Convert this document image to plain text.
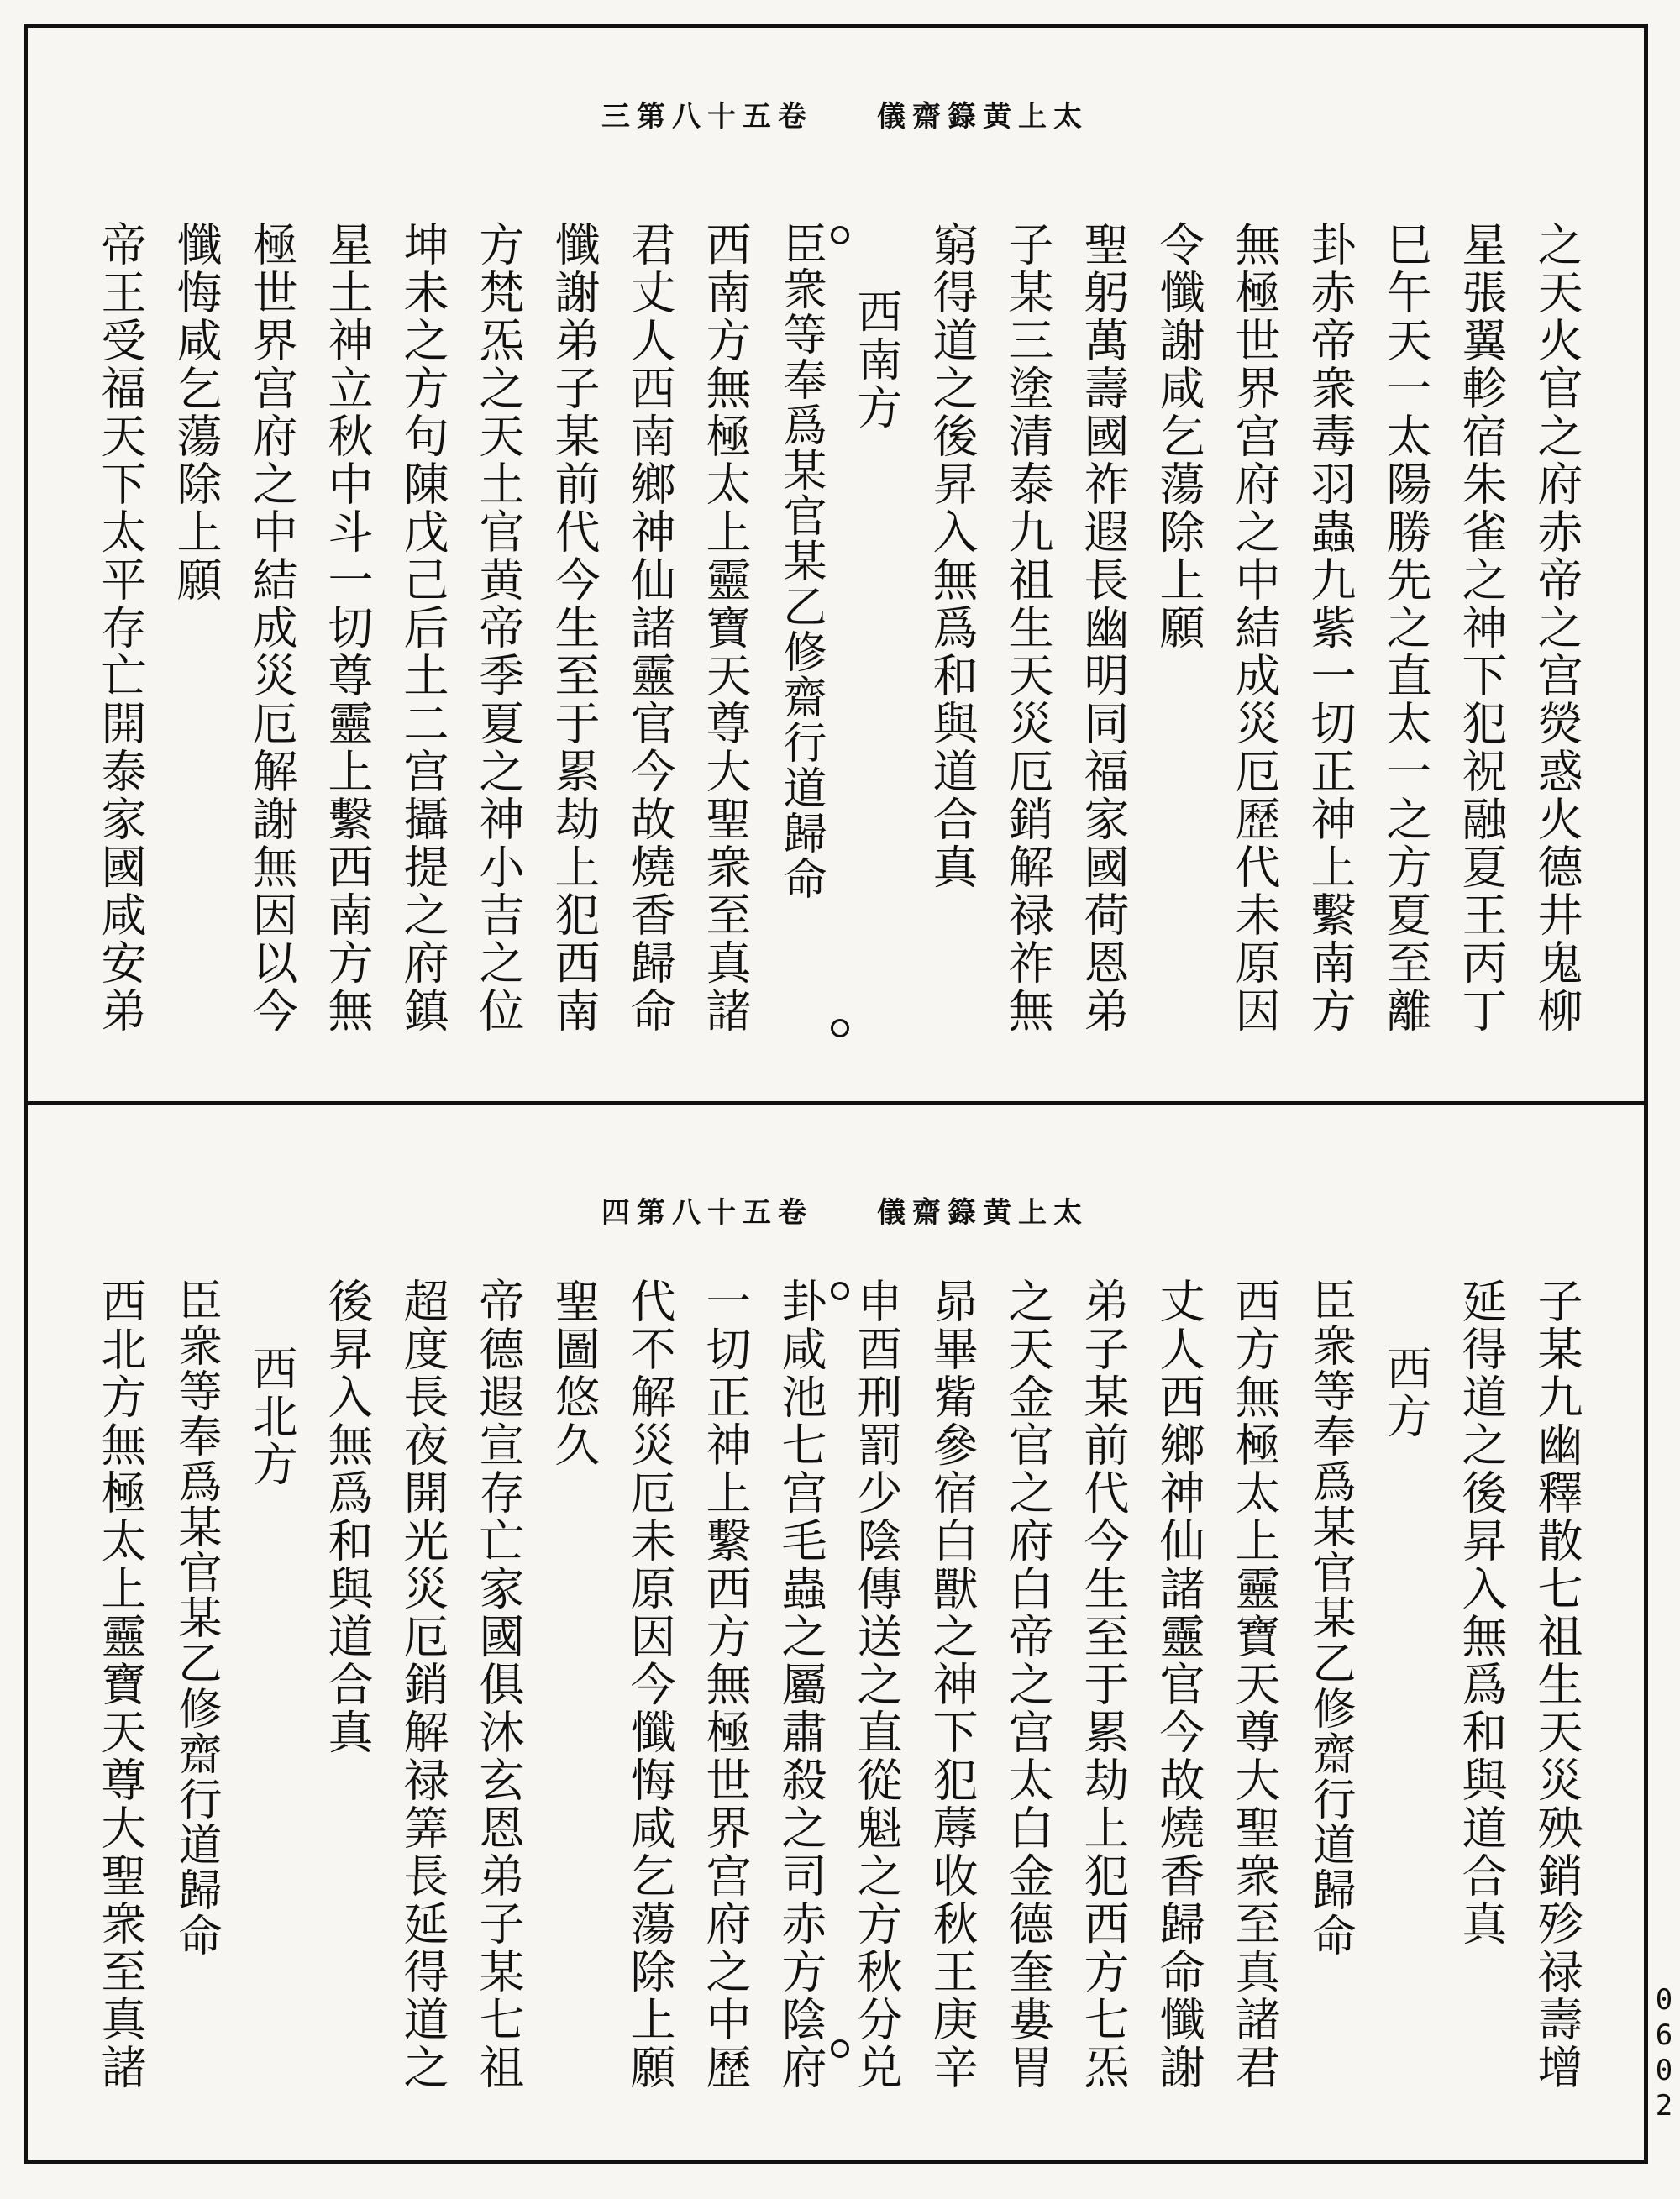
太上黄籙齋儀卷五十八第三
之天火官之府赤帝之宫熒惑火德井鬼柳
星張翼軫宿朱雀之神下犯祝融夏王丙丁
巳午天一太陽勝先之直太一之方夏至離
卦赤帝衆毒羽蟲九紫一切正神上繫南方
無極世界宫府之中結成災厄歷代未原因
令懺謝咸乞蕩除上願
聖躬萬壽國祚遐長幽明同福家國荷恩弟
子某三塗清泰九祖生天災厄銷解禄祚無
窮得道之後昇入無爲和與道合真
西南方
臣衆等奉爲某官某乙修齋行道歸命
西南方無極太上靈寶天尊大聖衆至真諸
君丈人西南鄉神仙諸靈官今故燒香歸命
懺謝弟子某前代今生至于累劫上犯西南
方梵炁之天土官黄帝季夏之神小吉之位
坤未之方句陳戊己后土二宫攝提之府鎮
星土神立秋中斗一切尊靈上繫西南方無
極世界宫府之中結成災厄解謝無因以今
懺悔咸乞蕩除上願
帝王受福天下太平存亡開泰家國咸安弟
太上黄籙齋儀卷五十八第四
子某九幽釋散七祖生天災殃銷殄禄壽增
延得道之後昇入無爲和與道合真
西方
臣衆等奉爲某官某乙修齋行道歸命
西方無極太上靈寶天尊大聖衆至真諸君
丈人西鄉神仙諸靈官今故燒香歸命懺謝
弟子某前代今生至于累劫上犯西方七炁
之天金官之府白帝之宫太白金德奎婁胃
昴畢觜參宿白獸之神下犯蓐收秋王庚辛
申酉刑罰少陰傳送之直從魁之方秋分兑
卦咸池七宫毛蟲之屬肅殺之司赤方陰府
一切正神上繫西方無極世界宫府之中歷
代不解災厄未原因今懺悔咸乞蕩除上願
聖圖悠久
帝德遐宣存亡家國俱沐玄恩弟子某七祖
超度長夜開光災厄銷解禄筭長延得道之
後昇入無爲和與道合真
西北方
臣衆等奉爲某官某乙修齋行道歸命
西北方無極太上靈寶天尊大聖衆至真諸	0
6
0
2
